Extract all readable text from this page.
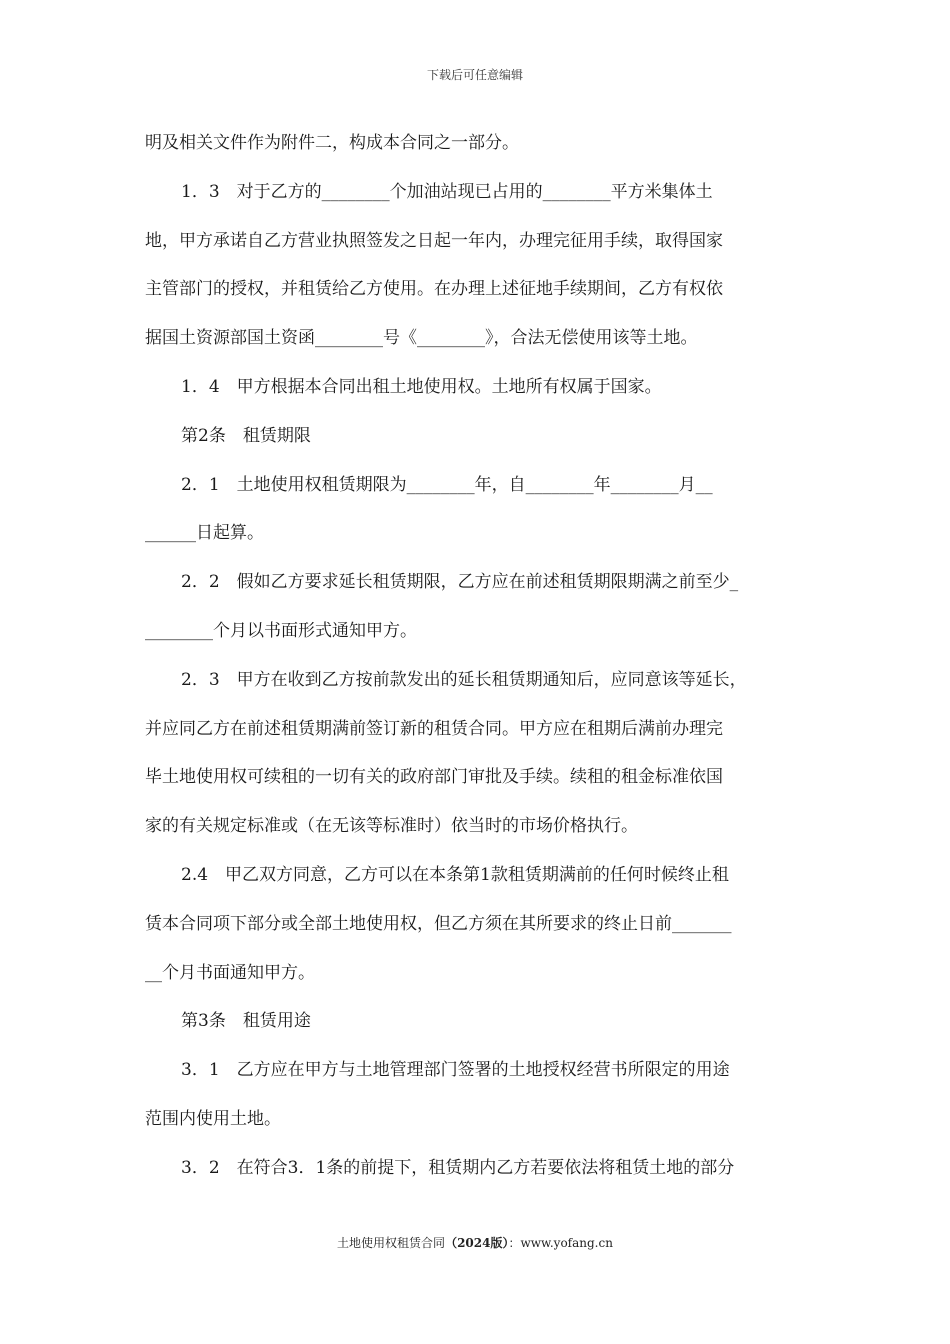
下载后可任意编辑
明及相关文件作为附件二，构成本合同之一部分。
1．3　对于乙方的________个加油站现已占用的________平方米集体土
地，甲方承诺自乙方营业执照签发之日起一年内，办理完征用手续，取得国家
主管部门的授权，并租赁给乙方使用。在办理上述征地手续期间，乙方有权依
据国土资源部国土资函________号《________》，合法无偿使用该等土地。
1．4　甲方根据本合同出租土地使用权。土地所有权属于国家。
第2条　租赁期限
2．1　土地使用权租赁期限为________年，自________年________月__
______日起算。
2．2　假如乙方要求延长租赁期限，乙方应在前述租赁期限期满之前至少_
________个月以书面形式通知甲方。
2．3　甲方在收到乙方按前款发出的延长租赁期通知后，应同意该等延长，
并应同乙方在前述租赁期满前签订新的租赁合同。甲方应在租期后满前办理完
毕土地使用权可续租的一切有关的政府部门审批及手续。续租的租金标准依国
家的有关规定标准或（在无该等标准时）依当时的市场价格执行。
2.4　甲乙双方同意，乙方可以在本条第1款租赁期满前的任何时候终止租
赁本合同项下部分或全部土地使用权，但乙方须在其所要求的终止日前_______
__个月书面通知甲方。
第3条　租赁用途
3．1　乙方应在甲方与土地管理部门签署的土地授权经营书所限定的用途
范围内使用土地。
3．2　在符合3．1条的前提下，租赁期内乙方若要依法将租赁土地的部分
土地使用权租赁合同（2024版）：www.yofang.cn
